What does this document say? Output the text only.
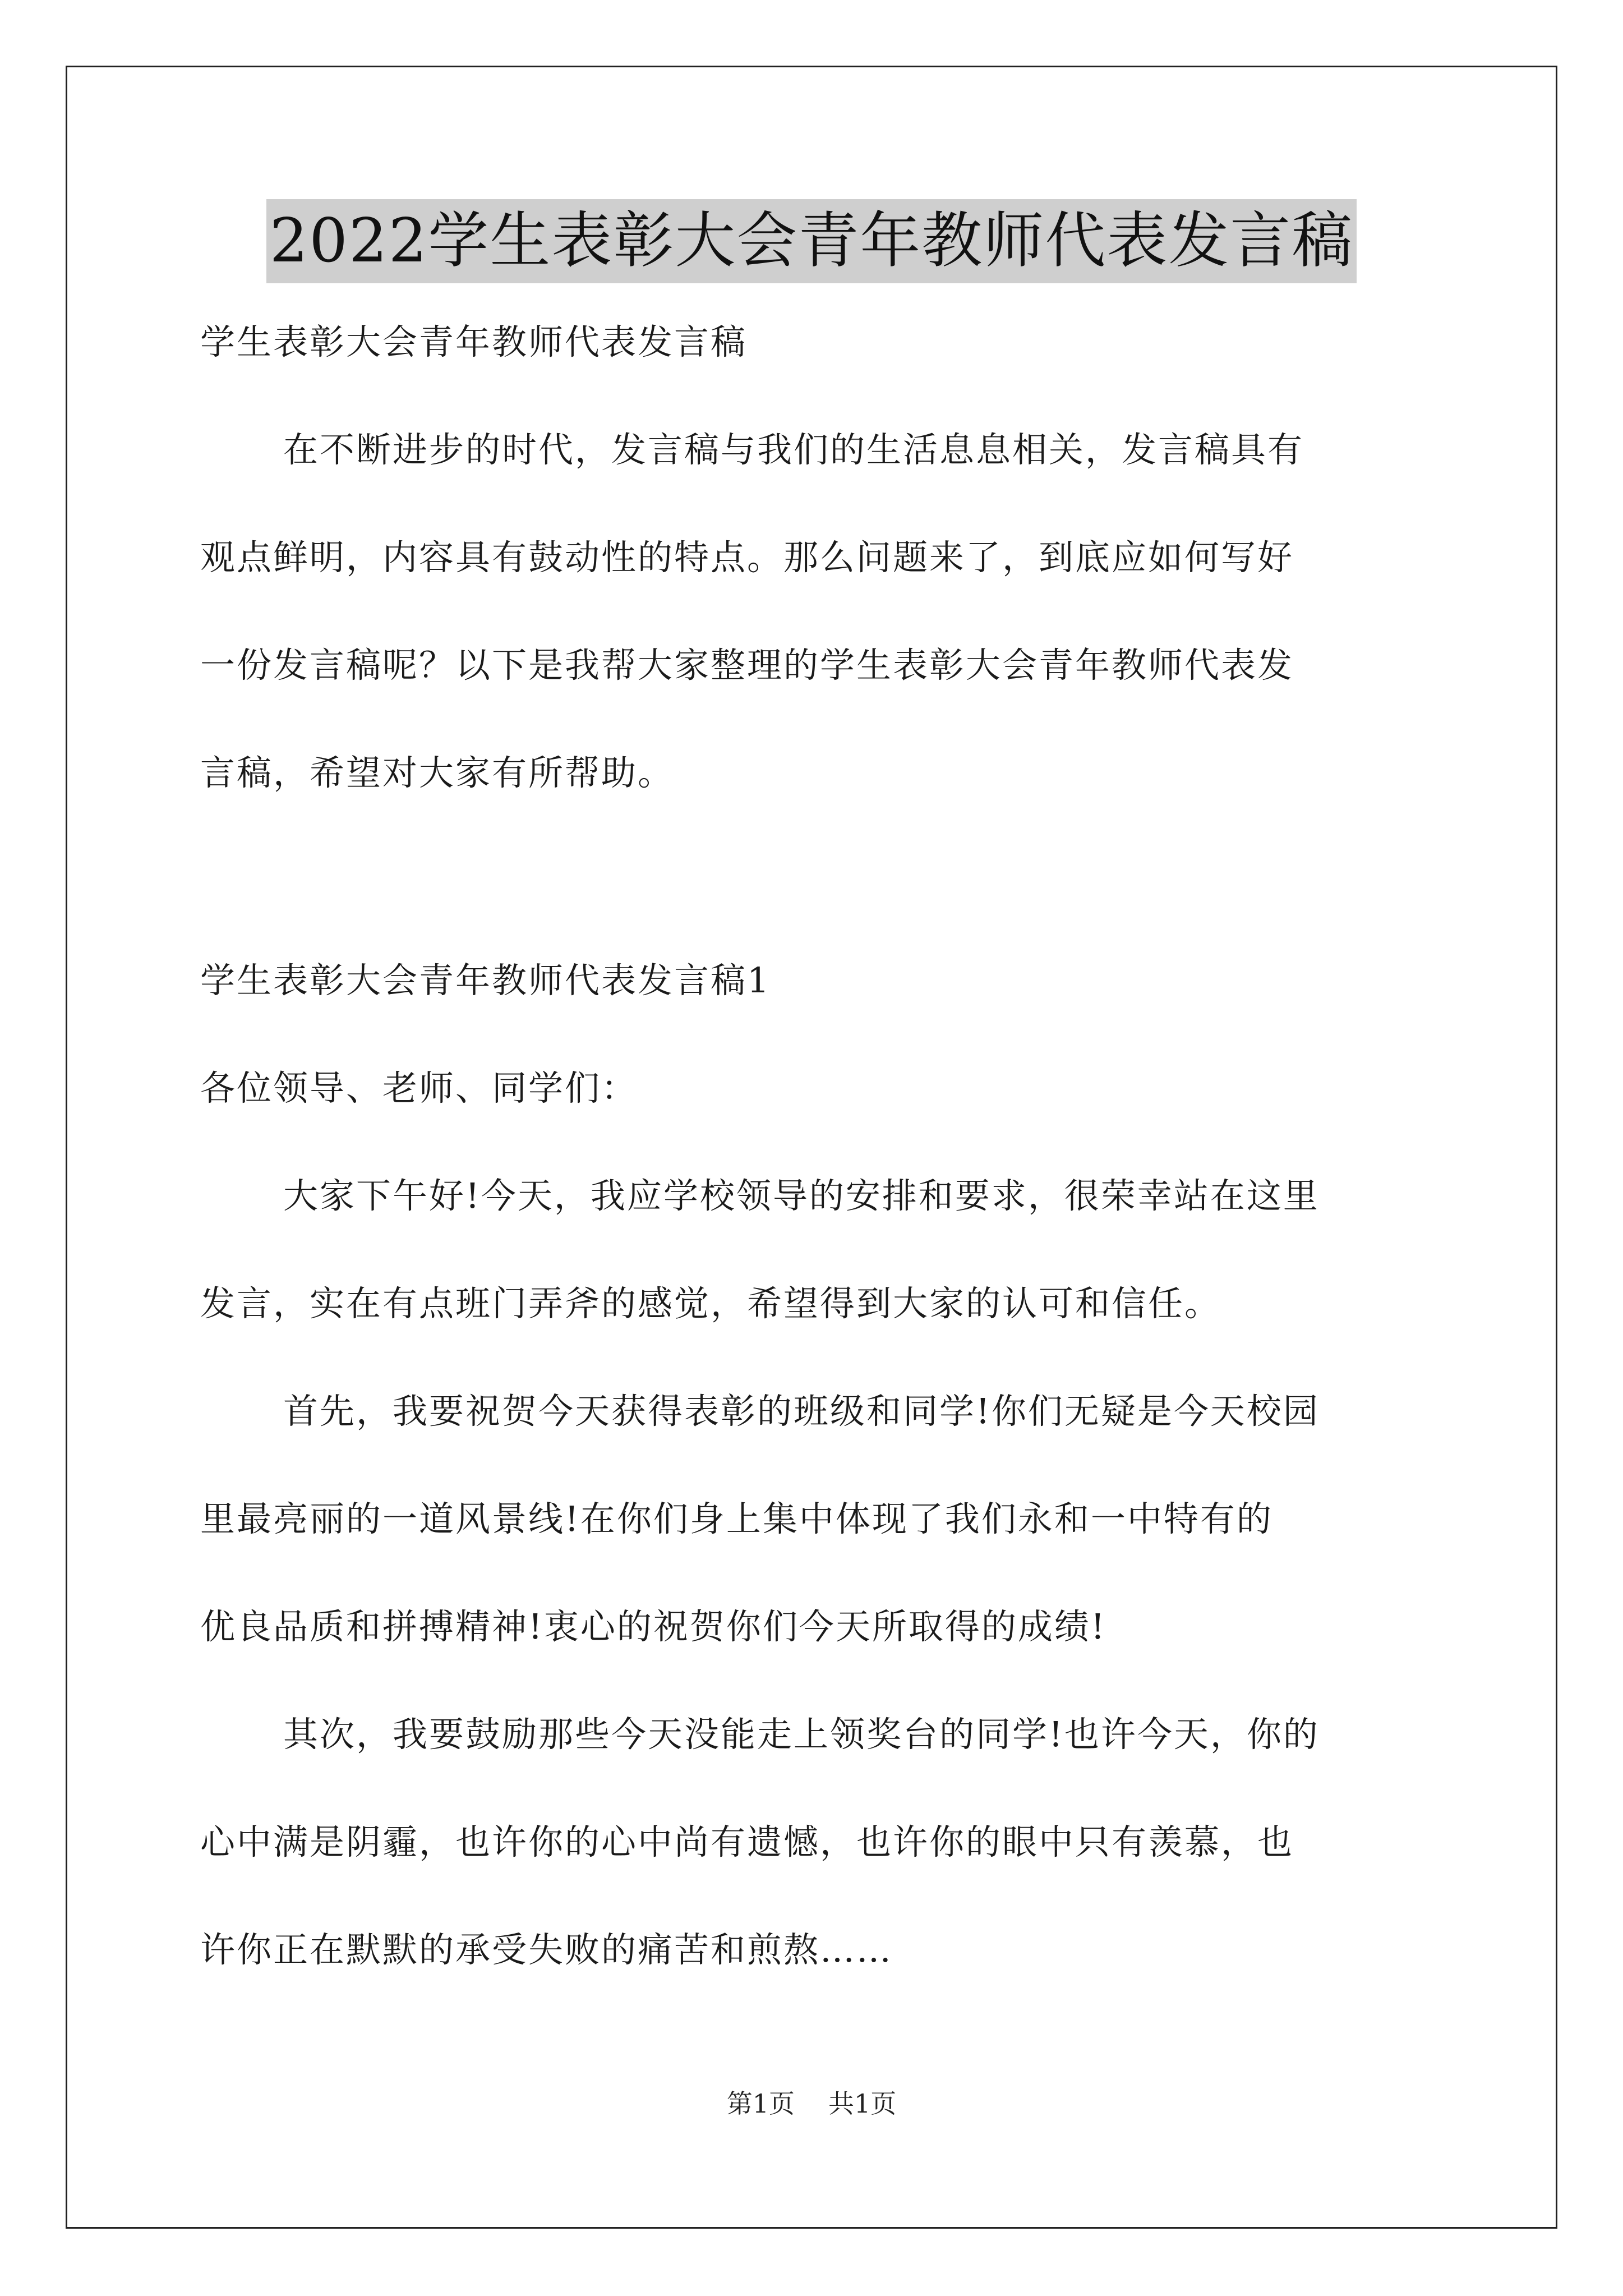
2022学生表彰大会青年教师代表发言稿
学生表彰大会青年教师代表发言稿
在不断进步的时代，发言稿与我们的生活息息相关，发言稿具有
观点鲜明，内容具有鼓动性的特点。那么问题来了，到底应如何写好
一份发言稿呢？以下是我帮大家整理的学生表彰大会青年教师代表发
言稿，希望对大家有所帮助。
学生表彰大会青年教师代表发言稿1
各位领导、老师、同学们：
大家下午好!今天，我应学校领导的安排和要求，很荣幸站在这里
发言，实在有点班门弄斧的感觉，希望得到大家的认可和信任。
首先，我要祝贺今天获得表彰的班级和同学!你们无疑是今天校园
里最亮丽的一道风景线!在你们身上集中体现了我们永和一中特有的
优良品质和拼搏精神!衷心的祝贺你们今天所取得的成绩!
其次，我要鼓励那些今天没能走上领奖台的同学!也许今天，你的
心中满是阴霾，也许你的心中尚有遗憾，也许你的眼中只有羡慕，也
许你正在默默的承受失败的痛苦和煎熬……
第1页 共1页
